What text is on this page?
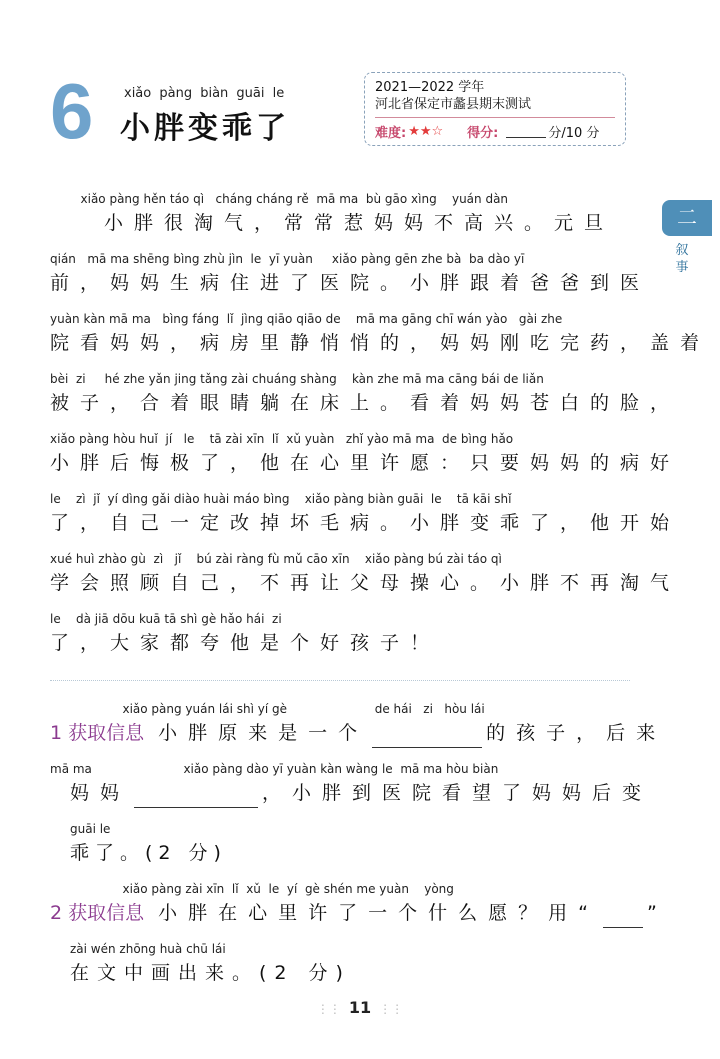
6 xiǎo pàng biàn guāi le
小胖变乖了
2021—2022 学年
河北省保定市蠡县期末测试
难度: ★★☆ 得分:	分/10 分
二
叙事
xiǎo pàng hěn táo qì   cháng cháng rě  mā ma  bù gāo xìng    yuán dàn
小胖很淘气，常常惹妈妈不高兴。元旦
qián   mā ma shēng bìng zhù jìn  le  yī yuàn     xiǎo pàng gēn zhe bà  ba dào yī
前，妈妈生病住进了医院。小胖跟着爸爸到医
yuàn kàn mā ma   bìng fáng  lǐ  jìng qiāo qiāo de    mā ma gāng chī wán yào   gài zhe
院看妈妈，病房里静悄悄的，妈妈刚吃完药，盖着
bèi  zi     hé zhe yǎn jing tǎng zài chuáng shàng    kàn zhe mā ma cāng bái de liǎn
被子，合着眼睛躺在床上。看着妈妈苍白的脸，
xiǎo pàng hòu huǐ  jí   le    tā zài xīn  lǐ  xǔ yuàn   zhǐ yào mā ma  de bìng hǎo
小胖后悔极了，他在心里许愿：只要妈妈的病好
le    zì  jǐ  yí dìng gǎi diào huài máo bìng    xiǎo pàng biàn guāi  le    tā kāi shǐ
了，自己一定改掉坏毛病。小胖变乖了，他开始
xué huì zhào gù  zì   jǐ    bú zài ràng fù mǔ cāo xīn    xiǎo pàng bú zài táo qì
学会照顾自己，不再让父母操心。小胖不再淘气
le    dà jiā dōu kuā tā shì gè hǎo hái  zi
了，大家都夸他是个好孩子！
xiǎo pàng yuán lái shì yí gè                       de hái   zi   hòu lái
1 获取信息 小胖原来是一个	的孩子，后来
mā ma                        xiǎo pàng dào yī yuàn kàn wàng le  mā ma hòu biàn
妈妈	，小胖到医院看望了妈妈后变
guāi le
乖了。(2 分)
xiǎo pàng zài xīn  lǐ  xǔ  le  yí  gè shén me yuàn    yòng
2 获取信息 小胖在心里许了一个什么愿？用“	”
zài wén zhōng huà chū lái
在文中画出来。(2 分)
⋮⋮ 11 ⋮⋮
